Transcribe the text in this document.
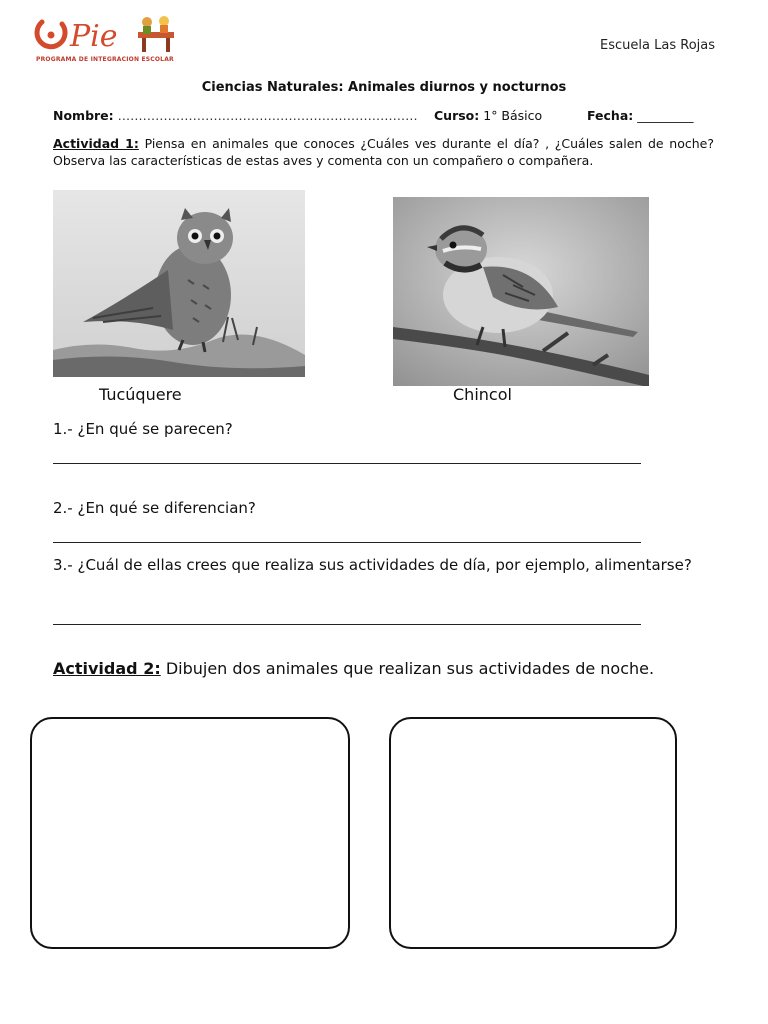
Pie
PROGRAMA DE INTEGRACION ESCOLAR
Escuela Las Rojas
Ciencias Naturales: Animales diurnos y nocturnos
Nombre: ……………………………………………………………… Curso: 1° Básico	Fecha: _________
Actividad 1: Piensa en animales que conoces ¿Cuáles ves durante el día? , ¿Cuáles salen de noche? Observa las características de estas aves y comenta con un compañero o compañera.
Tucúquere	Chincol
1.- ¿En qué se parecen?
2.- ¿En qué se diferencian?
3.- ¿Cuál de ellas crees que realiza sus actividades de día, por ejemplo, alimentarse?
Actividad 2: Dibujen dos animales que realizan sus actividades de noche.
